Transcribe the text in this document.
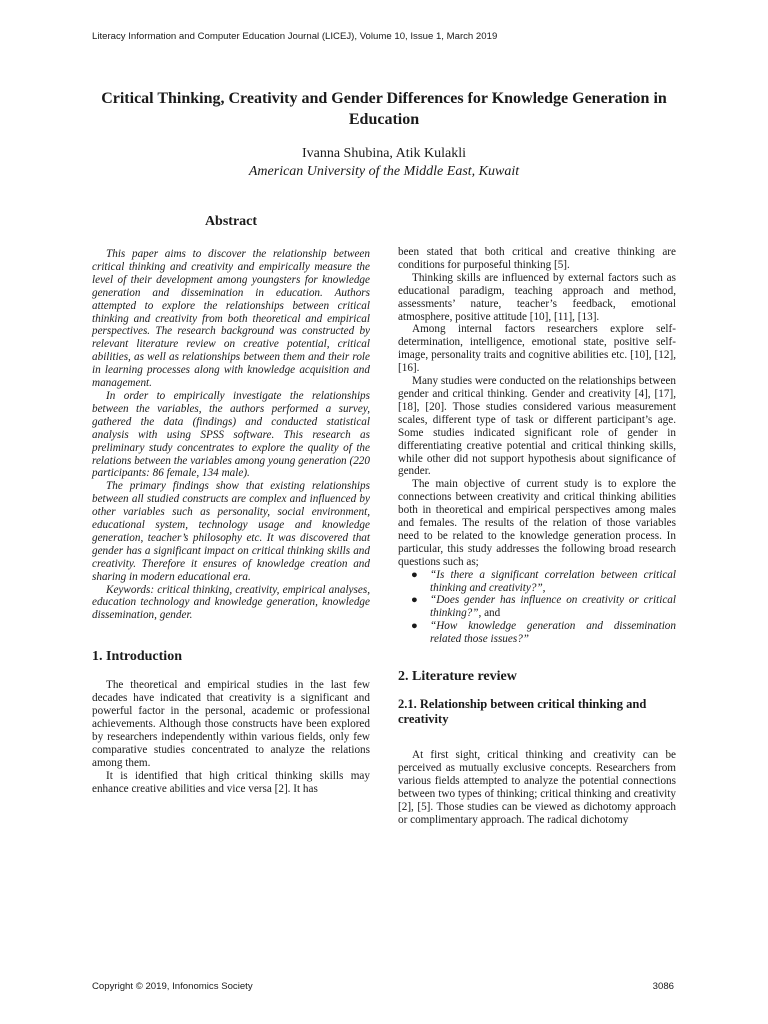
Literacy Information and Computer Education Journal (LICEJ), Volume 10, Issue 1, March 2019
Critical Thinking, Creativity and Gender Differences for Knowledge Generation in Education
Ivanna Shubina, Atik Kulakli
American University of the Middle East, Kuwait
Abstract

This paper aims to discover the relationship between critical thinking and creativity and empirically measure the level of their development among youngsters for knowledge generation and dissemination in education. Authors attempted to explore the relationships between critical thinking and creativity from both theoretical and empirical perspectives. The research background was constructed by relevant literature review on creative potential, critical abilities, as well as relationships between them and their role in learning processes along with knowledge acquisition and management.

In order to empirically investigate the relationships between the variables, the authors performed a survey, gathered the data (findings) and conducted statistical analysis with using SPSS software. This research as preliminary study concentrates to explore the quality of the relations between the variables among young generation (220 participants: 86 female, 134 male).

The primary findings show that existing relationships between all studied constructs are complex and influenced by other variables such as personality, social environment, educational system, technology usage and knowledge generation, teacher’s philosophy etc. It was discovered that gender has a significant impact on critical thinking skills and creativity. Therefore it ensures of knowledge creation and sharing in modern educational era.

Keywords: critical thinking, creativity, empirical analyses, education technology and knowledge generation, knowledge dissemination, gender.

1. Introduction

The theoretical and empirical studies in the last few decades have indicated that creativity is a significant and powerful factor in the personal, academic or professional achievements. Although those constructs have been explored by researchers independently within various fields, only few comparative studies concentrated to analyze the relations among them.

It is identified that high critical thinking skills may enhance creative abilities and vice versa [2]. It has

been stated that both critical and creative thinking are conditions for purposeful thinking [5].

Thinking skills are influenced by external factors such as educational paradigm, teaching approach and method, assessments’ nature, teacher’s feedback, emotional atmosphere, positive attitude [10], [11], [13].

Among internal factors researchers explore self-determination, intelligence, emotional state, positive self-image, personality traits and cognitive abilities etc. [10], [12], [16].

Many studies were conducted on the relationships between gender and critical thinking. Gender and creativity [4], [17], [18], [20]. Those studies considered various measurement scales, different type of task or different participant’s age. Some studies indicated significant role of gender in differentiating creative potential and critical thinking skills, while other did not support hypothesis about significance of gender.

The main objective of current study is to explore the connections between creativity and critical thinking abilities both in theoretical and empirical perspectives among males and females. The results of the relation of those variables need to be related to the knowledge generation process. In particular, this study addresses the following broad research questions such as;

● “Is there a significant correlation between critical thinking and creativity?”,
● “Does gender has influence on creativity or critical thinking?”, and
● “How knowledge generation and dissemination related those issues?”
2. Literature review
2.1. Relationship between critical thinking and creativity

At first sight, critical thinking and creativity can be perceived as mutually exclusive concepts. Researchers from various fields attempted to analyze the potential connections between two types of thinking; critical thinking and creativity [2], [5]. Those studies can be viewed as dichotomy approach or complimentary approach. The radical dichotomy

Copyright © 2019, Infonomics Society	3086
